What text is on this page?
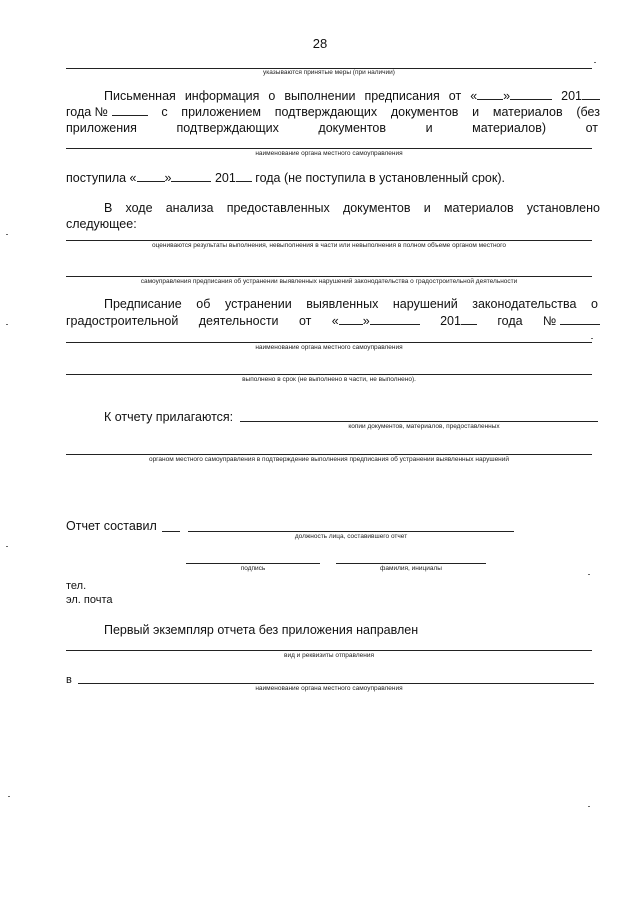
28
указываются принятые меры (при наличии)
Письменная информация о выполнении предписания от « »	201
года №	с приложением подтверждающих документов и материалов (без
приложения	подтверждающих	документов	и	материалов)	от
наименование органа местного самоуправления
поступила « »	201 года (не поступила в установленный срок).
В ходе анализа предоставленных документов и материалов установлено
следующее:
оцениваются результаты выполнения, невыполнения в части или невыполнения в полном объеме органом местного
самоуправления предписания об устранении выявленных нарушений законодательства о градостроительной деятельности
Предписание об устранении выявленных нарушений законодательства о
градостроительной деятельности от « »	201	года №
наименование органа местного самоуправления
выполнено в срок (не выполнено в части, не выполнено).
К отчету прилагаются:
копии документов, материалов, предоставленных
органом местного самоуправления в подтверждение выполнения предписания об устранении выявленных нарушений
Отчет составил
должность лица, составившего отчет
подпись	фамилия, инициалы
тел.
эл. почта
Первый экземпляр отчета без приложения направлен
вид и реквизиты отправления
в
наименование органа местного самоуправления
